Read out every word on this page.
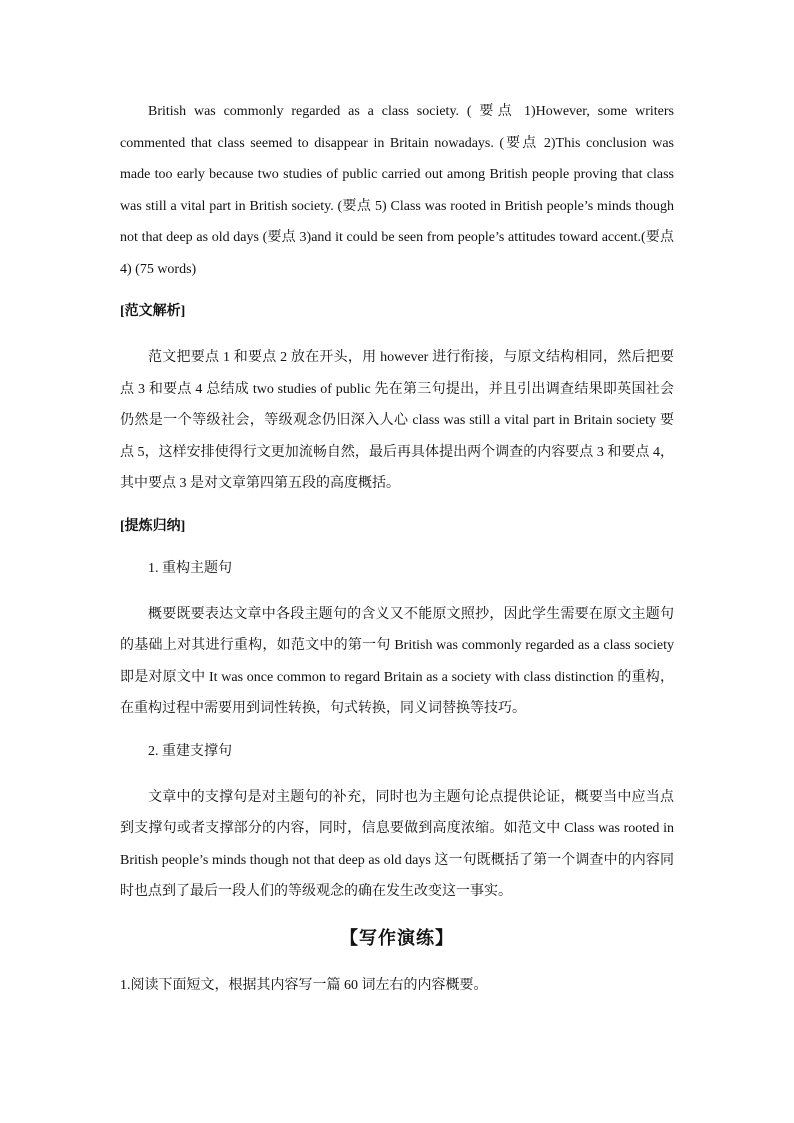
British was commonly regarded as a class society. ( 要点 1)However, some writers commented that class seemed to disappear in Britain nowadays. (要点 2)This conclusion was made too early because two studies of public carried out among British people proving that class was still a vital part in British society. (要点 5) Class was rooted in British people’s minds though not that deep as old days (要点 3)and it could be seen from people’s attitudes toward accent.(要点 4) (75 words)

[范文解析]

范文把要点 1 和要点 2 放在开头，用 however 进行衔接，与原文结构相同，然后把要点 3 和要点 4 总结成 two studies of public 先在第三句提出，并且引出调查结果即英国社会仍然是一个等级社会，等级观念仍旧深入人心 class was still a vital part in Britain society 要点 5，这样安排使得行文更加流畅自然，最后再具体提出两个调查的内容要点 3 和要点 4，其中要点 3 是对文章第四第五段的高度概括。

[提炼归纳]
1. 重构主题句

概要既要表达文章中各段主题句的含义又不能原文照抄，因此学生需要在原文主题句的基础上对其进行重构，如范文中的第一句 British was commonly regarded as a class society 即是对原文中 It was once common to regard Britain as a society with class distinction 的重构，在重构过程中需要用到词性转换，句式转换，同义词替换等技巧。

2. 重建支撑句

文章中的支撑句是对主题句的补充，同时也为主题句论点提供论证，概要当中应当点到支撑句或者支撑部分的内容，同时，信息要做到高度浓缩。如范文中 Class was rooted in British people’s minds though not that deep as old days 这一句既概括了第一个调查中的内容同时也点到了最后一段人们的等级观念的确在发生改变这一事实。

【写作演练】

1.阅读下面短文，根据其内容写一篇 60 词左右的内容概要。
